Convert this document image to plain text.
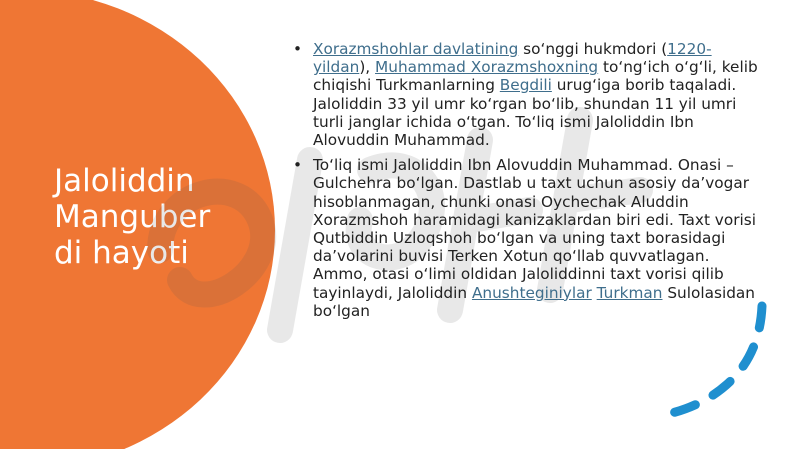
Jaloliddin
Manguber
di hayoti
• Xorazmshohlar davlatining so‘nggi hukmdori (1220-yildan), Muhammad Xorazmshoxning to‘ng‘ich o‘g‘li, kelib chiqishi Turkmanlarning Begdili urug‘iga borib taqaladi. Jaloliddin 33 yil umr ko‘rgan bo‘lib, shundan 11 yil umri turli janglar ichida o‘tgan. To‘liq ismi Jaloliddin Ibn Alovuddin Muhammad.
• To‘liq ismi Jaloliddin Ibn Alovuddin Muhammad. Onasi – Gulchehra bo‘lgan. Dastlab u taxt uchun asosiy da’vogar hisoblanmagan, chunki onasi Oychechak Aluddin Xorazmshoh haramidagi kanizaklardan biri edi. Taxt vorisi Qutbiddin Uzloqshoh bo‘lgan va uning taxt borasidagi da’volarini buvisi Terken Xotun qo‘llab quvvatlagan. Ammo, otasi o‘limi oldidan Jaloliddinni taxt vorisi qilib tayinlaydi, Jaloliddin Anushteginiylar Turkman Sulolasidan bo‘lgan
